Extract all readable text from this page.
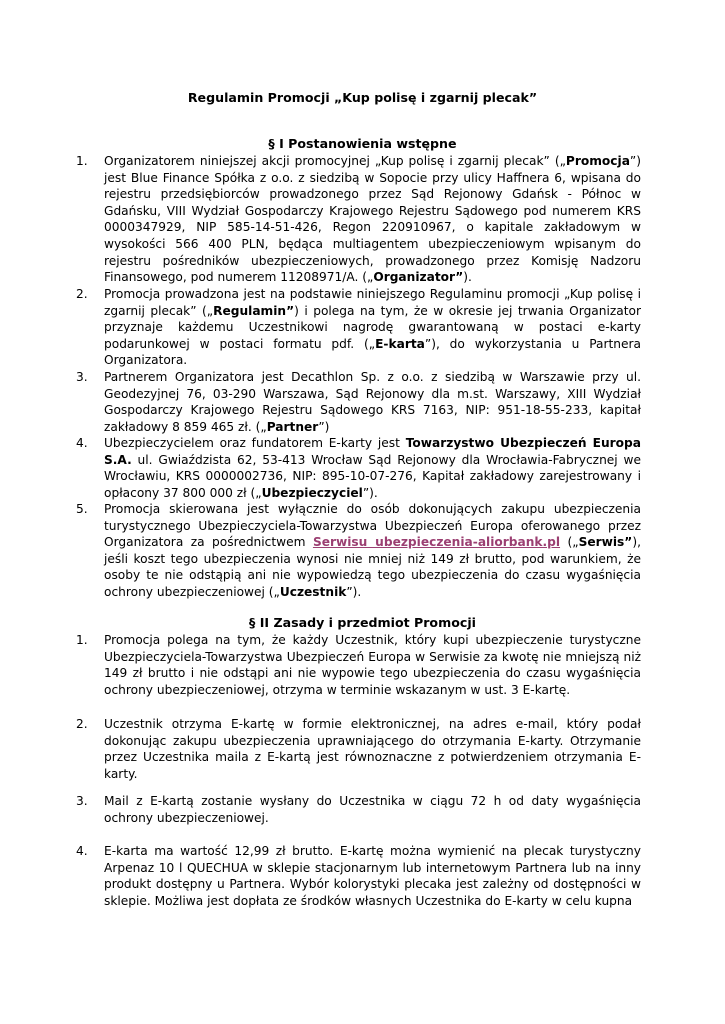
Regulamin Promocji „Kup polisę i zgarnij plecak”
§ I Postanowienia wstępne
1.	Organizatorem niniejszej akcji promocyjnej „Kup polisę i zgarnij plecak” („Promocja”) jest Blue Finance Spółka z o.o. z siedzibą w Sopocie przy ulicy Haffnera 6, wpisana do rejestru przedsiębiorców prowadzonego przez Sąd Rejonowy Gdańsk - Północ w Gdańsku, VIII Wydział Gospodarczy Krajowego Rejestru Sądowego pod numerem KRS 0000347929, NIP 585-14-51-426, Regon 220910967, o kapitale zakładowym w wysokości 566 400 PLN, będąca multiagentem ubezpieczeniowym wpisanym do rejestru pośredników ubezpieczeniowych, prowadzonego przez Komisję Nadzoru Finansowego, pod numerem 11208971/A. („Organizator”).
2.	Promocja prowadzona jest na podstawie niniejszego Regulaminu promocji „Kup polisę i zgarnij plecak” („Regulamin”) i polega na tym, że w okresie jej trwania Organizator przyznaje każdemu Uczestnikowi nagrodę gwarantowaną w postaci e-karty podarunkowej w postaci formatu pdf. („E-karta”), do wykorzystania u Partnera Organizatora.
3.	Partnerem Organizatora jest Decathlon Sp. z o.o. z siedzibą w Warszawie przy ul. Geodezyjnej 76, 03-290 Warszawa, Sąd Rejonowy dla m.st. Warszawy, XIII Wydział Gospodarczy Krajowego Rejestru Sądowego KRS 7163, NIP: 951-18-55-233, kapitał zakładowy 8 859 465 zł. („Partner”)
4.	Ubezpieczycielem oraz fundatorem E-karty jest Towarzystwo Ubezpieczeń Europa S.A. ul. Gwiaździsta 62, 53-413 Wrocław Sąd Rejonowy dla Wrocławia-Fabrycznej we Wrocławiu, KRS 0000002736, NIP: 895-10-07-276, Kapitał zakładowy zarejestrowany i opłacony 37 800 000 zł („Ubezpieczyciel”).
5.	Promocja skierowana jest wyłącznie do osób dokonujących zakupu ubezpieczenia turystycznego Ubezpieczyciela-Towarzystwa Ubezpieczeń Europa oferowanego przez Organizatora za pośrednictwem Serwisu ubezpieczenia-aliorbank.pl („Serwis”), jeśli koszt tego ubezpieczenia wynosi nie mniej niż 149 zł brutto, pod warunkiem, że osoby te nie odstąpią ani nie wypowiedzą tego ubezpieczenia do czasu wygaśnięcia ochrony ubezpieczeniowej („Uczestnik”).
§ II Zasady i przedmiot Promocji
1.	Promocja polega na tym, że każdy Uczestnik, który kupi ubezpieczenie turystyczne Ubezpieczyciela-Towarzystwa Ubezpieczeń Europa w Serwisie za kwotę nie mniejszą niż 149 zł brutto i nie odstąpi ani nie wypowie tego ubezpieczenia do czasu wygaśnięcia ochrony ubezpieczeniowej, otrzyma w terminie wskazanym w ust. 3 E-kartę.
2.	Uczestnik otrzyma E-kartę w formie elektronicznej, na adres e-mail, który podał dokonując zakupu ubezpieczenia uprawniającego do otrzymania E-karty. Otrzymanie przez Uczestnika maila z E-kartą jest równoznaczne z potwierdzeniem otrzymania E-karty.
3.	Mail z E-kartą zostanie wysłany do Uczestnika w ciągu 72 h od daty wygaśnięcia ochrony ubezpieczeniowej.
4.	E-karta ma wartość 12,99 zł brutto. E-kartę można wymienić na plecak turystyczny Arpenaz 10 l QUECHUA w sklepie stacjonarnym lub internetowym Partnera lub na inny produkt dostępny u Partnera. Wybór kolorystyki plecaka jest zależny od dostępności w sklepie. Możliwa jest dopłata ze środków własnych Uczestnika do E-karty w celu kupna
